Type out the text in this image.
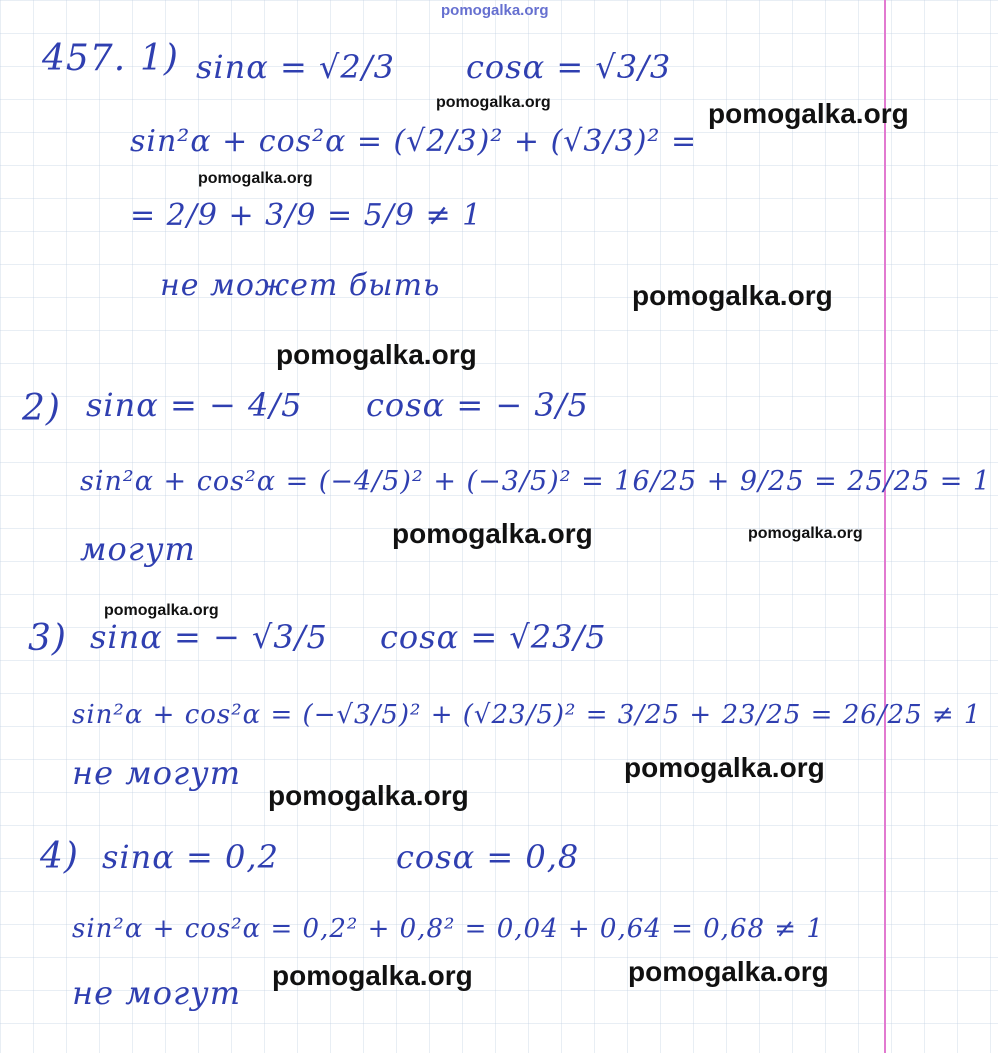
pomogalka.org
457. 1) sinα = √2/3 cosα = √3/3
sin²α + cos²α = (√2/3)² + (√3/3)² =
= 2/9 + 3/9 = 5/9 ≠ 1
не может быть
2) sinα = − 4/5 cosα = − 3/5
sin²α + cos²α = (−4/5)² + (−3/5)² = 16/25 + 9/25 = 25/25 = 1
могут
3) sinα = − √3/5 cosα = √23/5
sin²α + cos²α = (−√3/5)² + (√23/5)² = 3/25 + 23/25 = 26/25 ≠ 1
не могут
4) sinα = 0,2	cosα = 0,8
sin²α + cos²α = 0,2² + 0,8² = 0,04 + 0,64 = 0,68 ≠ 1
не могут
pomogalka.org	pomogalka.org
pomogalka.org
pomogalka.org
pomogalka.org
pomogalka.org	pomogalka.org
pomogalka.org
pomogalka.org
pomogalka.org
pomogalka.org	pomogalka.org
